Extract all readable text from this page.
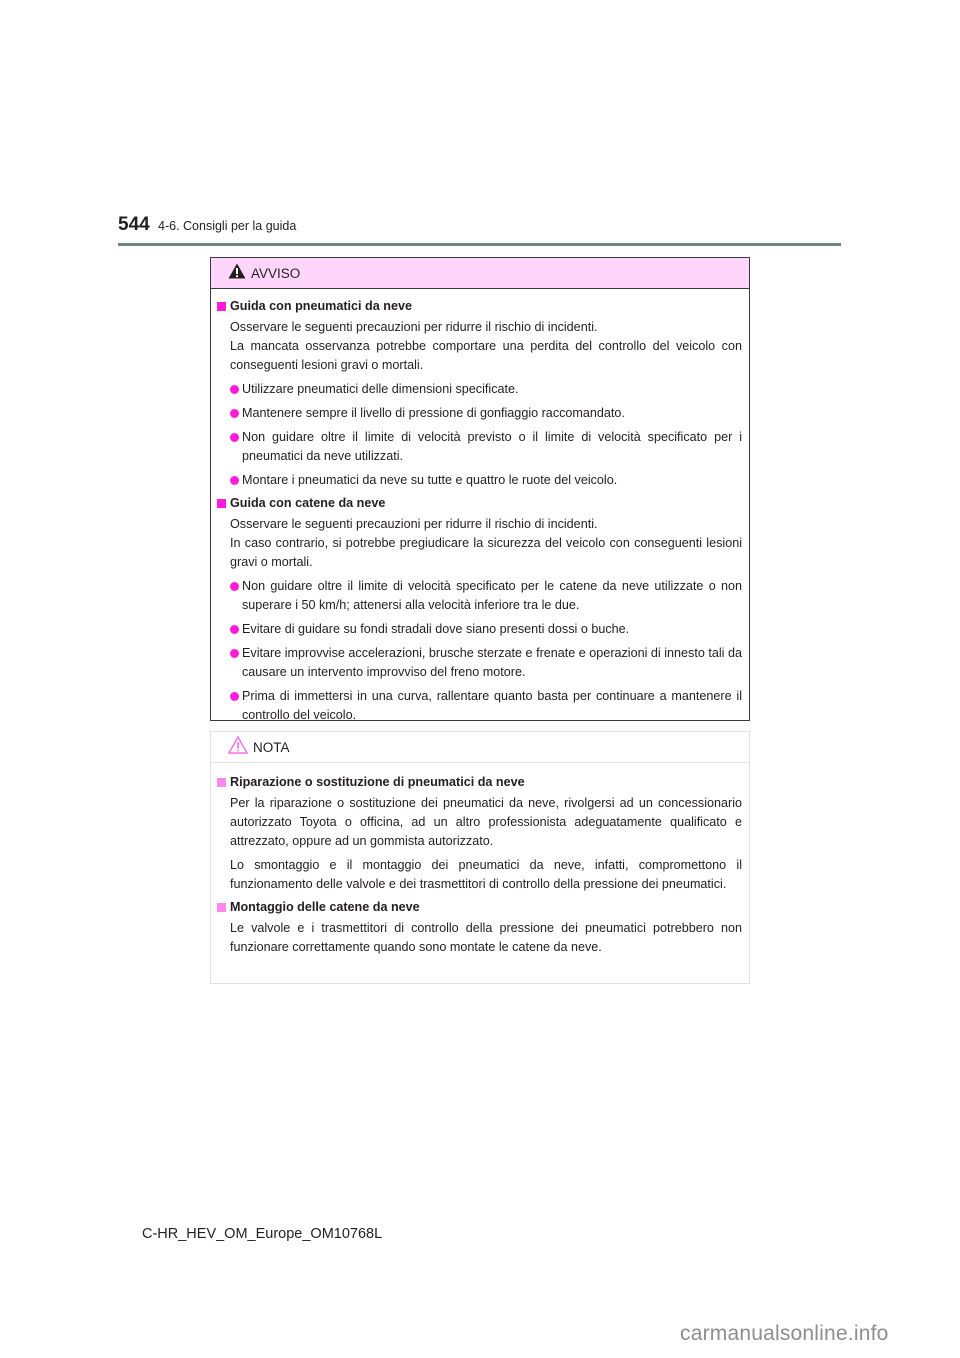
544 4-6. Consigli per la guida
AVVISO
Guida con pneumatici da neve
Osservare le seguenti precauzioni per ridurre il rischio di incidenti.
La mancata osservanza potrebbe comportare una perdita del controllo del veicolo con conseguenti lesioni gravi o mortali.
Utilizzare pneumatici delle dimensioni specificate.
Mantenere sempre il livello di pressione di gonfiaggio raccomandato.
Non guidare oltre il limite di velocità previsto o il limite di velocità specificato per i pneumatici da neve utilizzati.
Montare i pneumatici da neve su tutte e quattro le ruote del veicolo.
Guida con catene da neve
Osservare le seguenti precauzioni per ridurre il rischio di incidenti.
In caso contrario, si potrebbe pregiudicare la sicurezza del veicolo con conseguenti lesioni gravi o mortali.
Non guidare oltre il limite di velocità specificato per le catene da neve utilizzate o non superare i 50 km/h; attenersi alla velocità inferiore tra le due.
Evitare di guidare su fondi stradali dove siano presenti dossi o buche.
Evitare improvvise accelerazioni, brusche sterzate e frenate e operazioni di innesto tali da causare un intervento improvviso del freno motore.
Prima di immettersi in una curva, rallentare quanto basta per continuare a mantenere il controllo del veicolo.
NOTA
Riparazione o sostituzione di pneumatici da neve
Per la riparazione o sostituzione dei pneumatici da neve, rivolgersi ad un concessionario autorizzato Toyota o officina, ad un altro professionista adeguatamente qualificato e attrezzato, oppure ad un gommista autorizzato.
Lo smontaggio e il montaggio dei pneumatici da neve, infatti, compromettono il funzionamento delle valvole e dei trasmettitori di controllo della pressione dei pneumatici.
Montaggio delle catene da neve
Le valvole e i trasmettitori di controllo della pressione dei pneumatici potrebbero non funzionare correttamente quando sono montate le catene da neve.
C-HR_HEV_OM_Europe_OM10768L
carmanualsonline.info
